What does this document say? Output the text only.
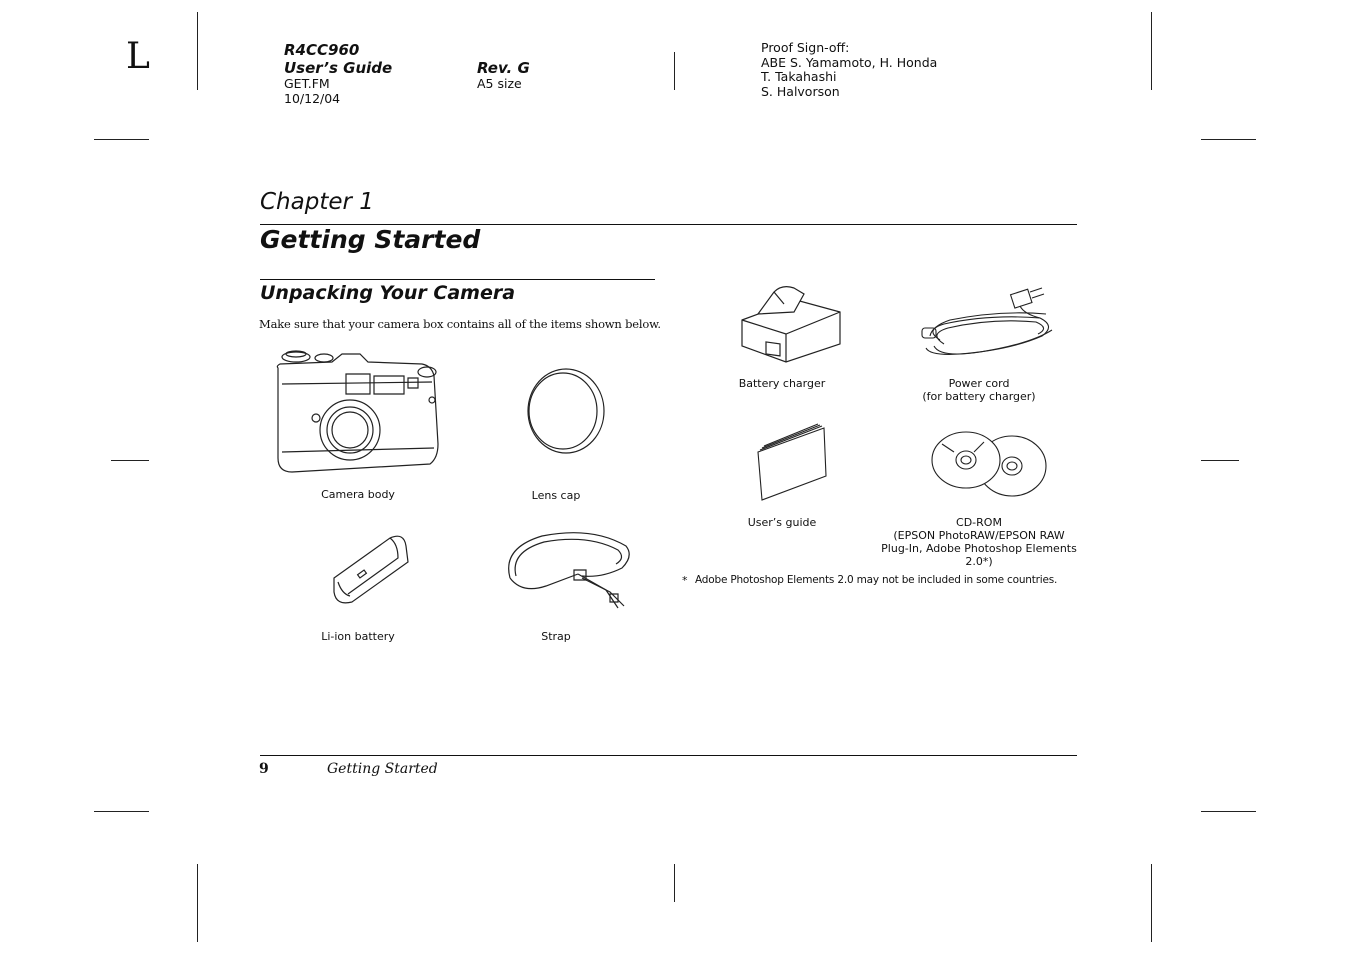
L	R4CC960
User’s Guide
GET.FM
10/12/04
Rev. G
A5 size
Proof Sign-off:
ABE S. Yamamoto, H. Honda
T. Takahashi
S. Halvorson
Chapter 1
Getting Started
Unpacking Your Camera
Make sure that your camera box contains all of the items shown below.
Camera body	Lens cap
Li-ion battery	Strap
Battery charger	Power cord
(for battery charger)
User’s guide	CD-ROM
(EPSON PhotoRAW/EPSON RAW
Plug-In, Adobe Photoshop Elements
2.0*)
* Adobe Photoshop Elements 2.0 may not be included in some countries.
9	Getting Started
